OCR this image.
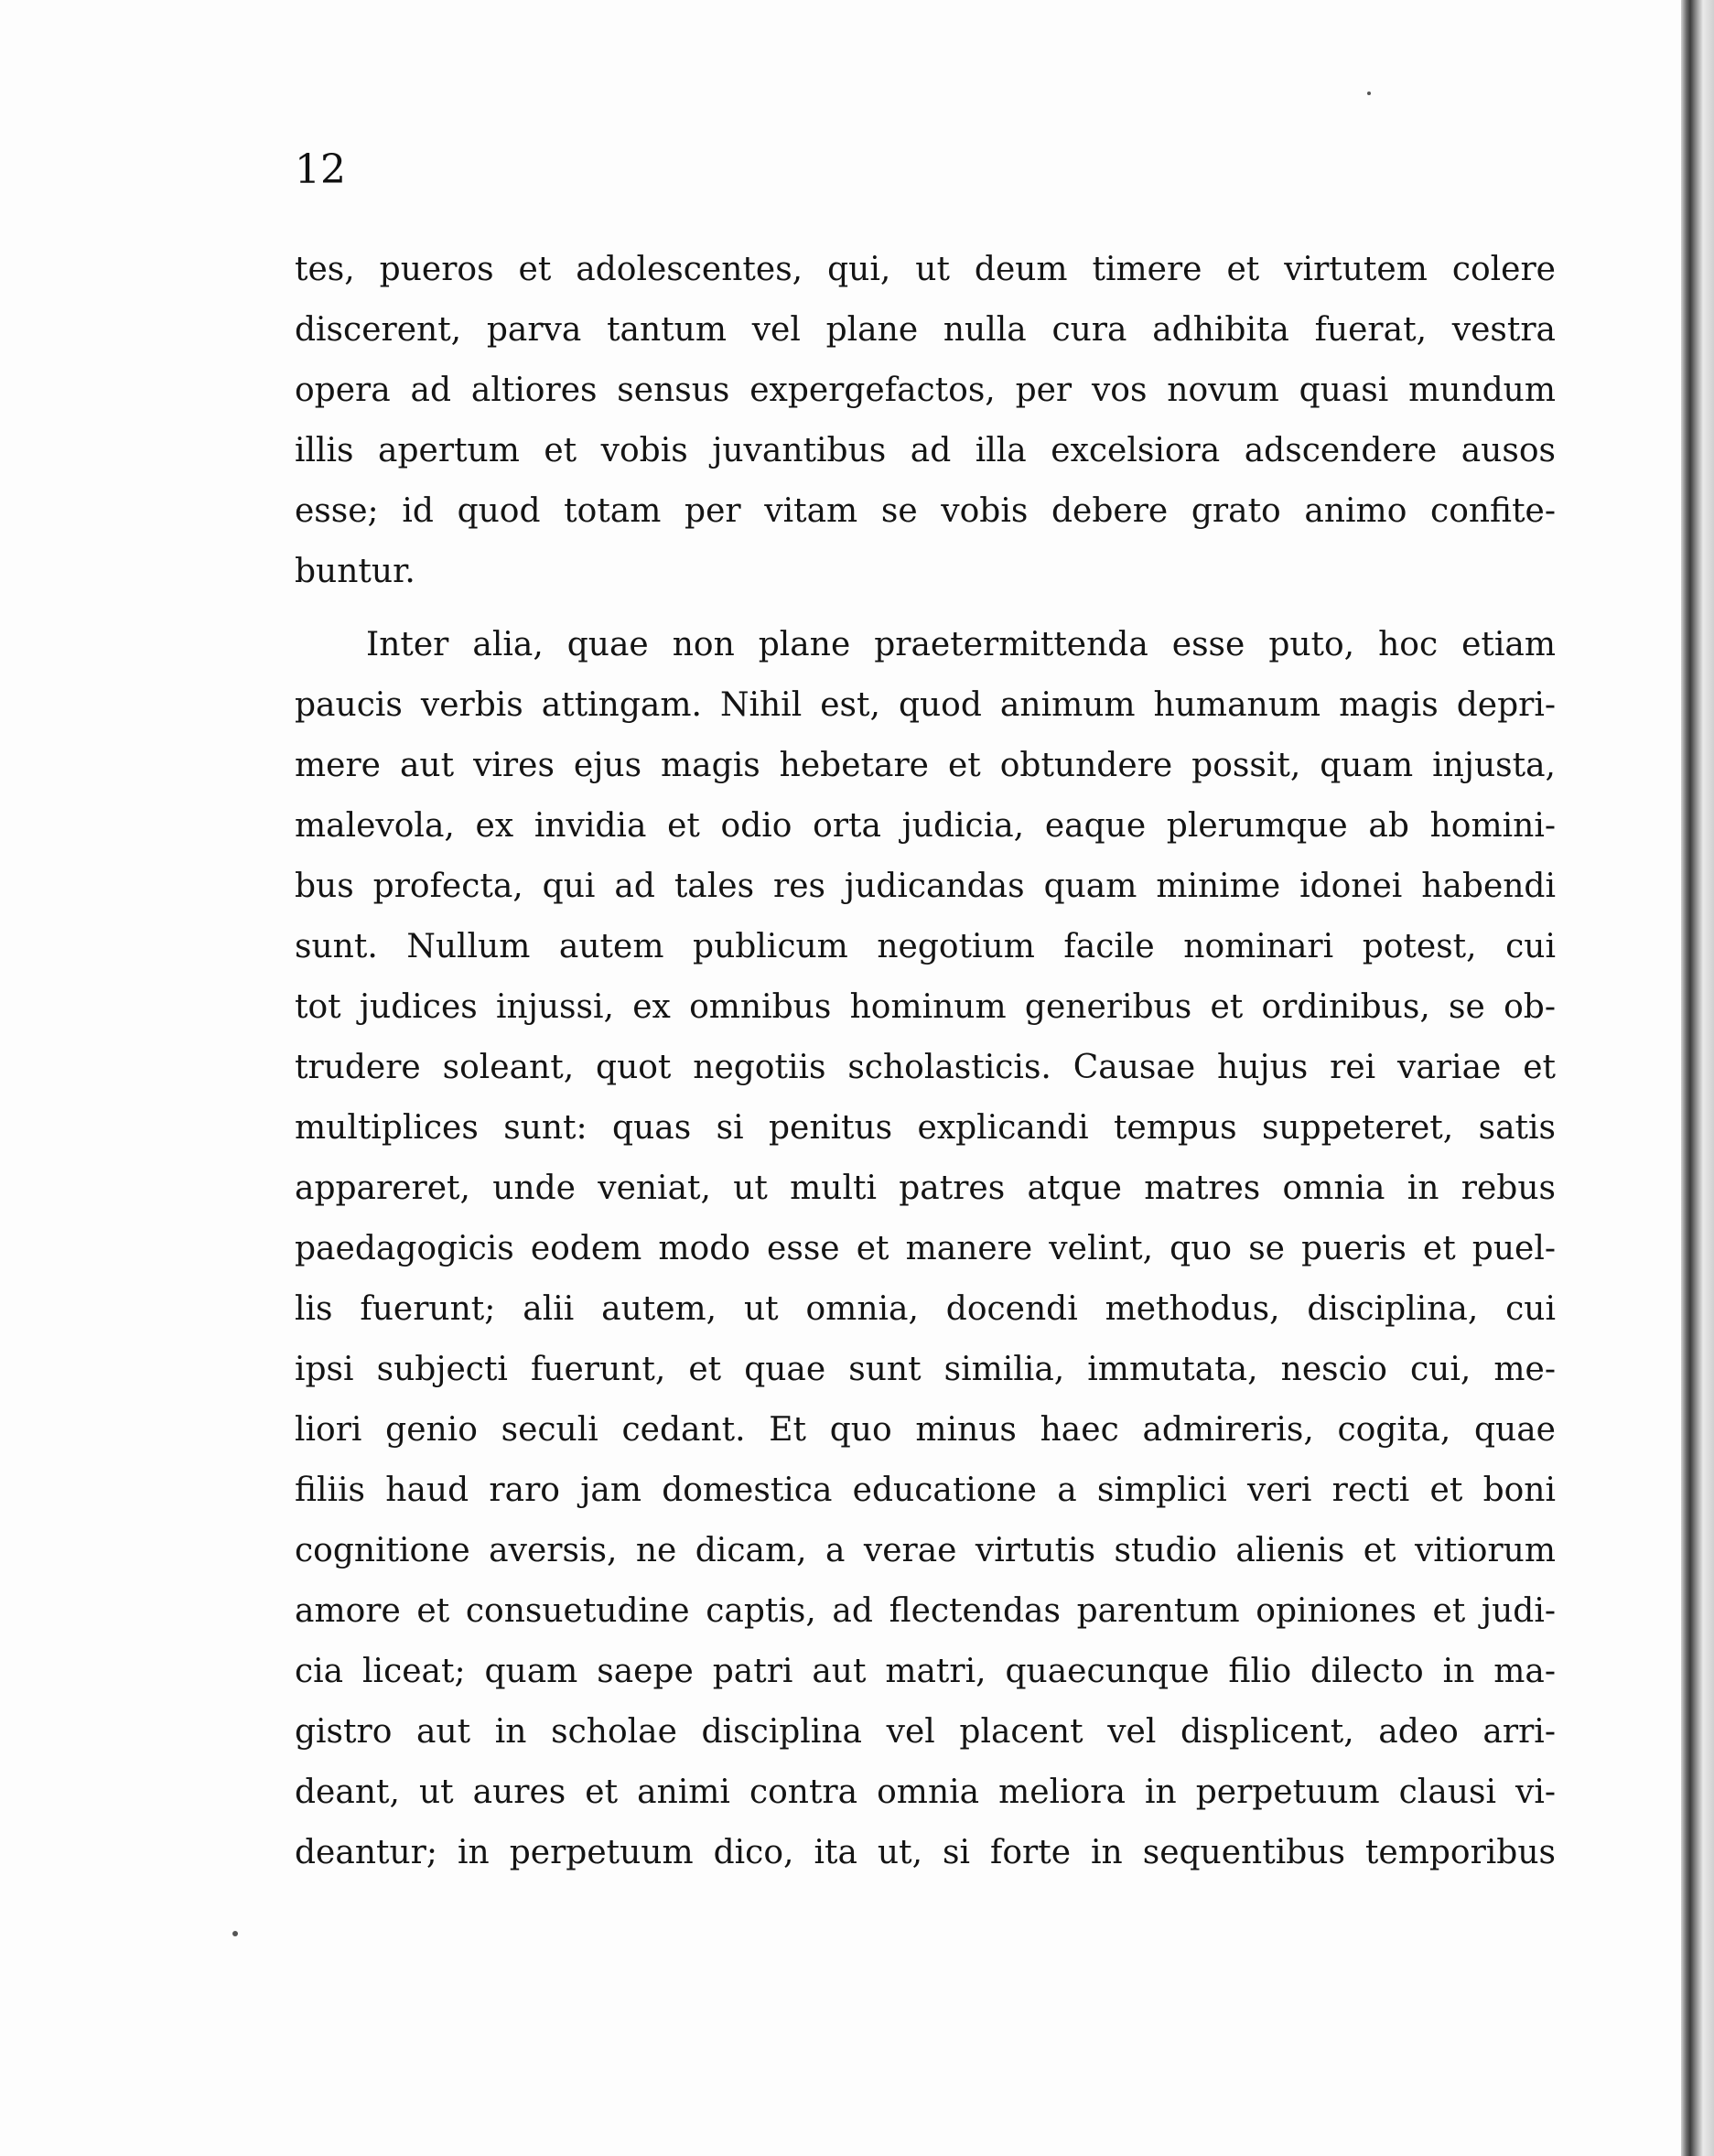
12

tes, pueros et adolescentes, qui, ut deum timere et virtutem colere
discerent, parva tantum vel plane nulla cura adhibita fuerat, vestra
opera ad altiores sensus expergefactos, per vos novum quasi mundum
illis apertum et vobis juvantibus ad illa excelsiora adscendere ausos
esse; id quod totam per vitam se vobis debere grato animo confite-
buntur.

Inter alia, quae non plane praetermittenda esse puto, hoc etiam
paucis verbis attingam. Nihil est, quod animum humanum magis depri-
mere aut vires ejus magis hebetare et obtundere possit, quam injusta,
malevola, ex invidia et odio orta judicia, eaque plerumque ab homini-
bus profecta, qui ad tales res judicandas quam minime idonei habendi
sunt. Nullum autem publicum negotium facile nominari potest, cui
tot judices injussi, ex omnibus hominum generibus et ordinibus, se ob-
trudere soleant, quot negotiis scholasticis. Causae hujus rei variae et
multiplices sunt: quas si penitus explicandi tempus suppeteret, satis
appareret, unde veniat, ut multi patres atque matres omnia in rebus
paedagogicis eodem modo esse et manere velint, quo se pueris et puel-
lis fuerunt; alii autem, ut omnia, docendi methodus, disciplina, cui
ipsi subjecti fuerunt, et quae sunt similia, immutata, nescio cui, me-
liori genio seculi cedant. Et quo minus haec admireris, cogita, quae
filiis haud raro jam domestica educatione a simplici veri recti et boni
cognitione aversis, ne dicam, a verae virtutis studio alienis et vitiorum
amore et consuetudine captis, ad flectendas parentum opiniones et judi-
cia liceat; quam saepe patri aut matri, quaecunque filio dilecto in ma-
gistro aut in scholae disciplina vel placent vel displicent, adeo arri-
deant, ut aures et animi contra omnia meliora in perpetuum clausi vi-
deantur; in perpetuum dico, ita ut, si forte in sequentibus temporibus
